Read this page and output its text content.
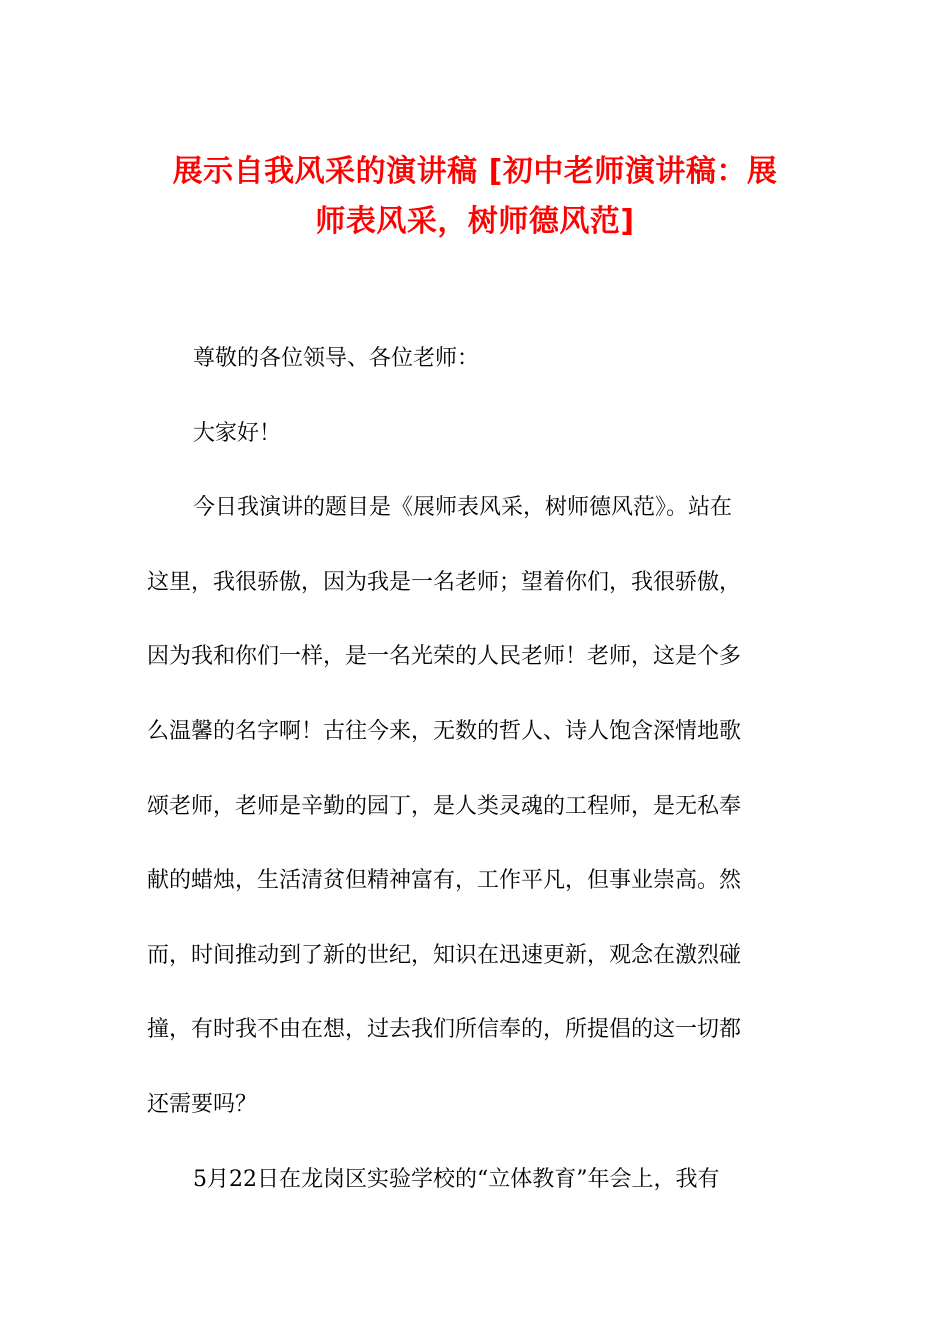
展示自我风采的演讲稿 [初中老师演讲稿：展
师表风采，树师德风范]
尊敬的各位领导、各位老师：
大家好！
今日我演讲的题目是《展师表风采，树师德风范》。站在
这里，我很骄傲，因为我是一名老师；望着你们，我很骄傲，
因为我和你们一样，是一名光荣的人民老师！老师，这是个多
么温馨的名字啊！古往今来，无数的哲人、诗人饱含深情地歌
颂老师，老师是辛勤的园丁，是人类灵魂的工程师，是无私奉
献的蜡烛，生活清贫但精神富有，工作平凡，但事业崇高。然
而，时间推动到了新的世纪，知识在迅速更新，观念在激烈碰
撞，有时我不由在想，过去我们所信奉的，所提倡的这一切都
还需要吗？
5月22日在龙岗区实验学校的“立体教育”年会上，我有
